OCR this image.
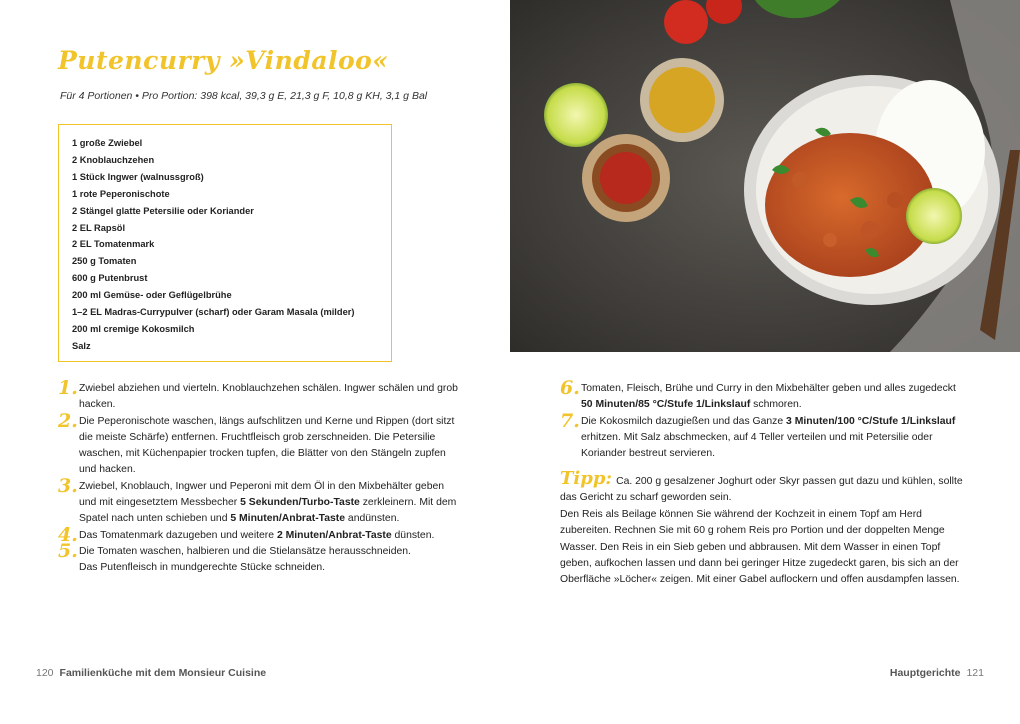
Putencurry »Vindaloo«
Für 4 Portionen • Pro Portion: 398 kcal, 39,3 g E, 21,3 g F, 10,8 g KH, 3,1 g Bal
1 große Zwiebel
2 Knoblauchzehen
1 Stück Ingwer (walnussgroß)
1 rote Peperonischote
2 Stängel glatte Petersilie oder Koriander
2 EL Rapsöl
2 EL Tomatenmark
250 g Tomaten
600 g Putenbrust
200 ml Gemüse- oder Geflügelbrühe
1–2 EL Madras-Currypulver (scharf) oder Garam Masala (milder)
200 ml cremige Kokosmilch
Salz
1. Zwiebel abziehen und vierteln. Knoblauchzehen schälen. Ingwer schälen und grob hacken.

2. Die Peperonischote waschen, längs aufschlitzen und Kerne und Rippen (dort sitzt die meiste Schärfe) entfernen. Fruchtfleisch grob zerschneiden. Die Petersilie waschen, mit Küchenpapier trocken tupfen, die Blätter von den Stängeln zupfen und hacken.

3. Zwiebel, Knoblauch, Ingwer und Peperoni mit dem Öl in den Mixbehälter geben und mit eingesetztem Messbecher 5 Sekunden/Turbo-Taste zerkleinern. Mit dem Spatel nach unten schieben und 5 Minuten/Anbrat-Taste andünsten.

4. Das Tomatenmark dazugeben und weitere 2 Minuten/Anbrat-Taste dünsten.

5. Die Tomaten waschen, halbieren und die Stielansätze herausschneiden.
Das Putenfleisch in mundgerechte Stücke schneiden.

6. Tomaten, Fleisch, Brühe und Curry in den Mixbehälter geben und alles zugedeckt 50 Minuten/85 °C/Stufe 1/Linkslauf schmoren.

7. Die Kokosmilch dazugießen und das Ganze 3 Minuten/100 °C/Stufe 1/Linkslauf erhitzen. Mit Salz abschmecken, auf 4 Teller verteilen und mit Petersilie oder Koriander bestreut servieren.

Tipp: Ca. 200 g gesalzener Joghurt oder Skyr passen gut dazu und kühlen, sollte das Gericht zu scharf geworden sein.

Den Reis als Beilage können Sie während der Kochzeit in einem Topf am Herd zubereiten. Rechnen Sie mit 60 g rohem Reis pro Portion und der doppelten Menge Wasser. Den Reis in ein Sieb geben und abbrausen. Mit dem Wasser in einen Topf geben, aufkochen lassen und dann bei geringer Hitze zugedeckt garen, bis sich an der Oberfläche »Löcher« zeigen. Mit einer Gabel auflockern und offen ausdampfen lassen.

120 Familienküche mit dem Monsieur Cuisine	Hauptgerichte 121
